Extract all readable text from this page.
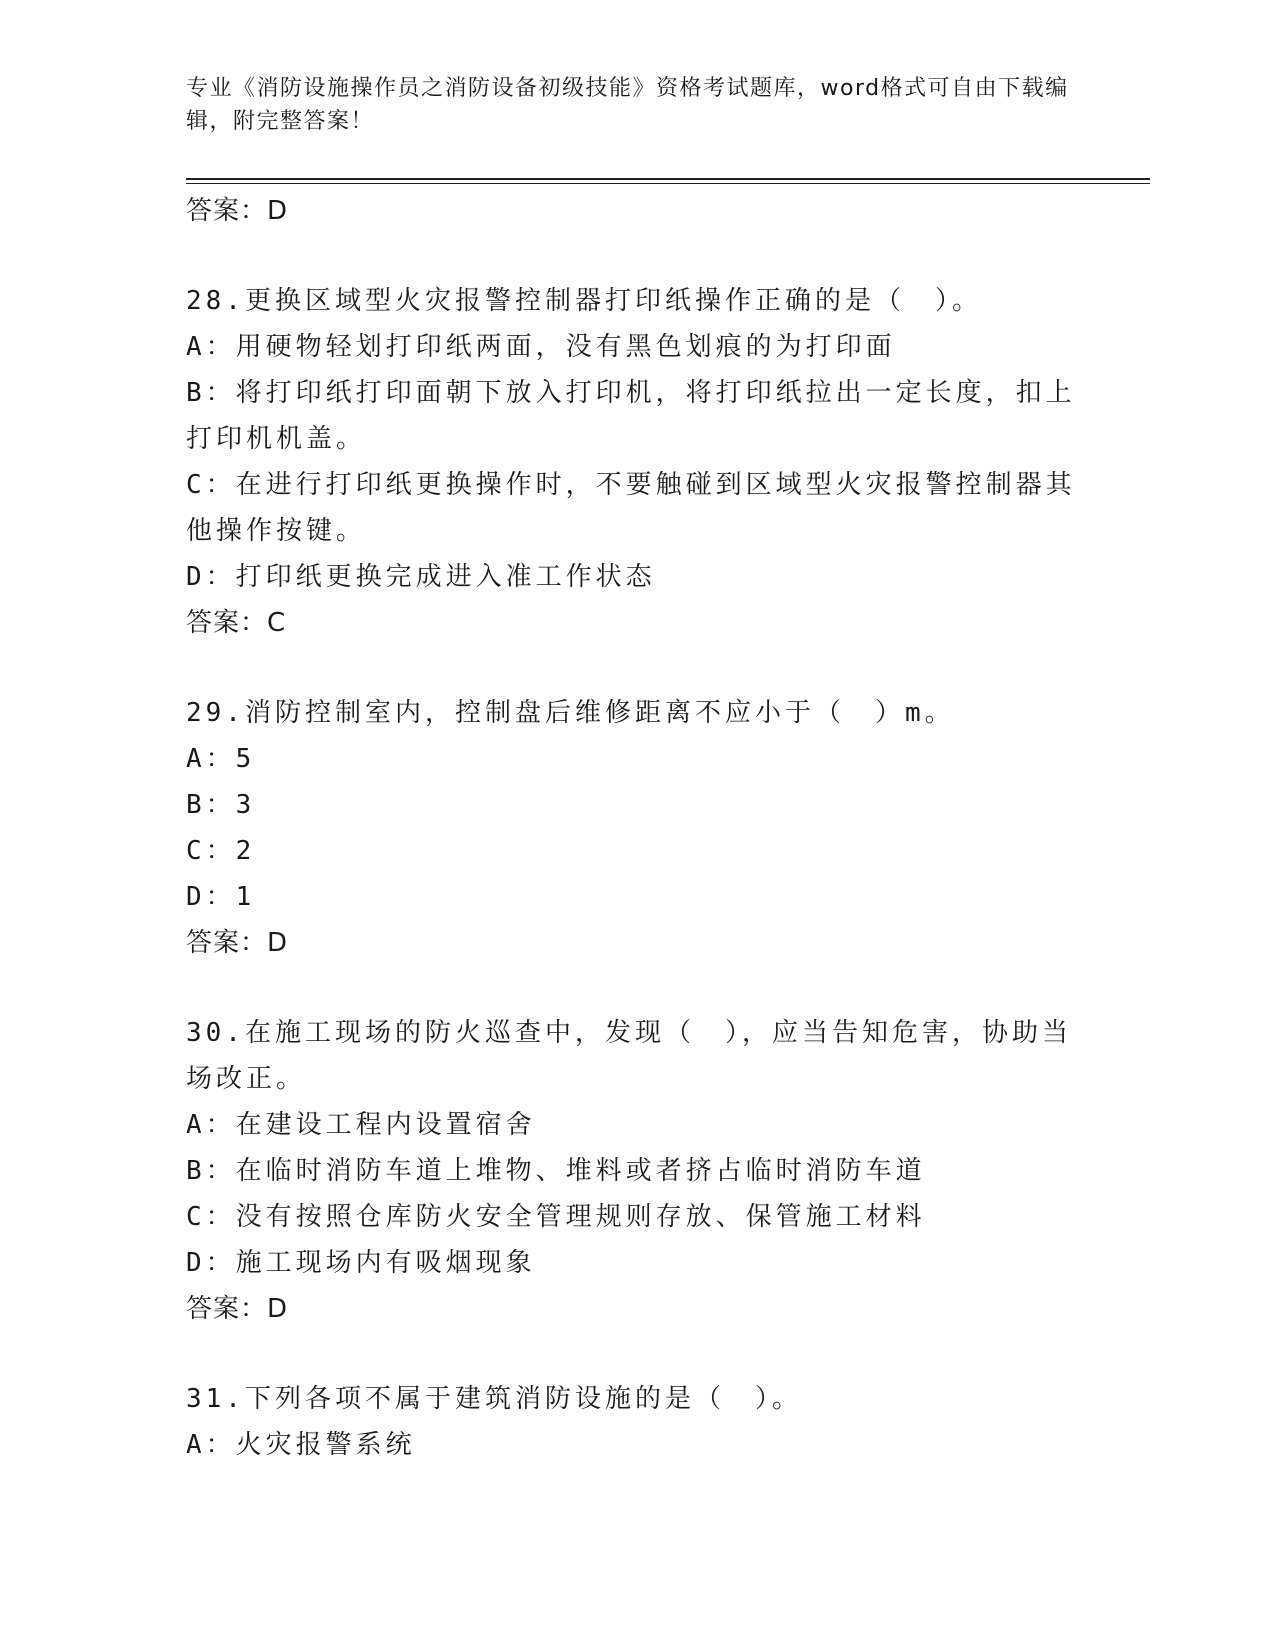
专业《消防设施操作员之消防设备初级技能》资格考试题库，word格式可自由下载编辑，附完整答案！

答案：D

28.更换区域型火灾报警控制器打印纸操作正确的是（　）。

A：用硬物轻划打印纸两面，没有黑色划痕的为打印面

B：将打印纸打印面朝下放入打印机，将打印纸拉出一定长度，扣上打印机机盖。

C：在进行打印纸更换操作时，不要触碰到区域型火灾报警控制器其他操作按键。

D：打印纸更换完成进入准工作状态

答案：C

29.消防控制室内，控制盘后维修距离不应小于（　）m。

A：5

B：3

C：2

D：1

答案：D

30.在施工现场的防火巡查中，发现（　），应当告知危害，协助当场改正。

A：在建设工程内设置宿舍

B：在临时消防车道上堆物、堆料或者挤占临时消防车道

C：没有按照仓库防火安全管理规则存放、保管施工材料

D：施工现场内有吸烟现象

答案：D

31.下列各项不属于建筑消防设施的是（　）。

A：火灾报警系统
